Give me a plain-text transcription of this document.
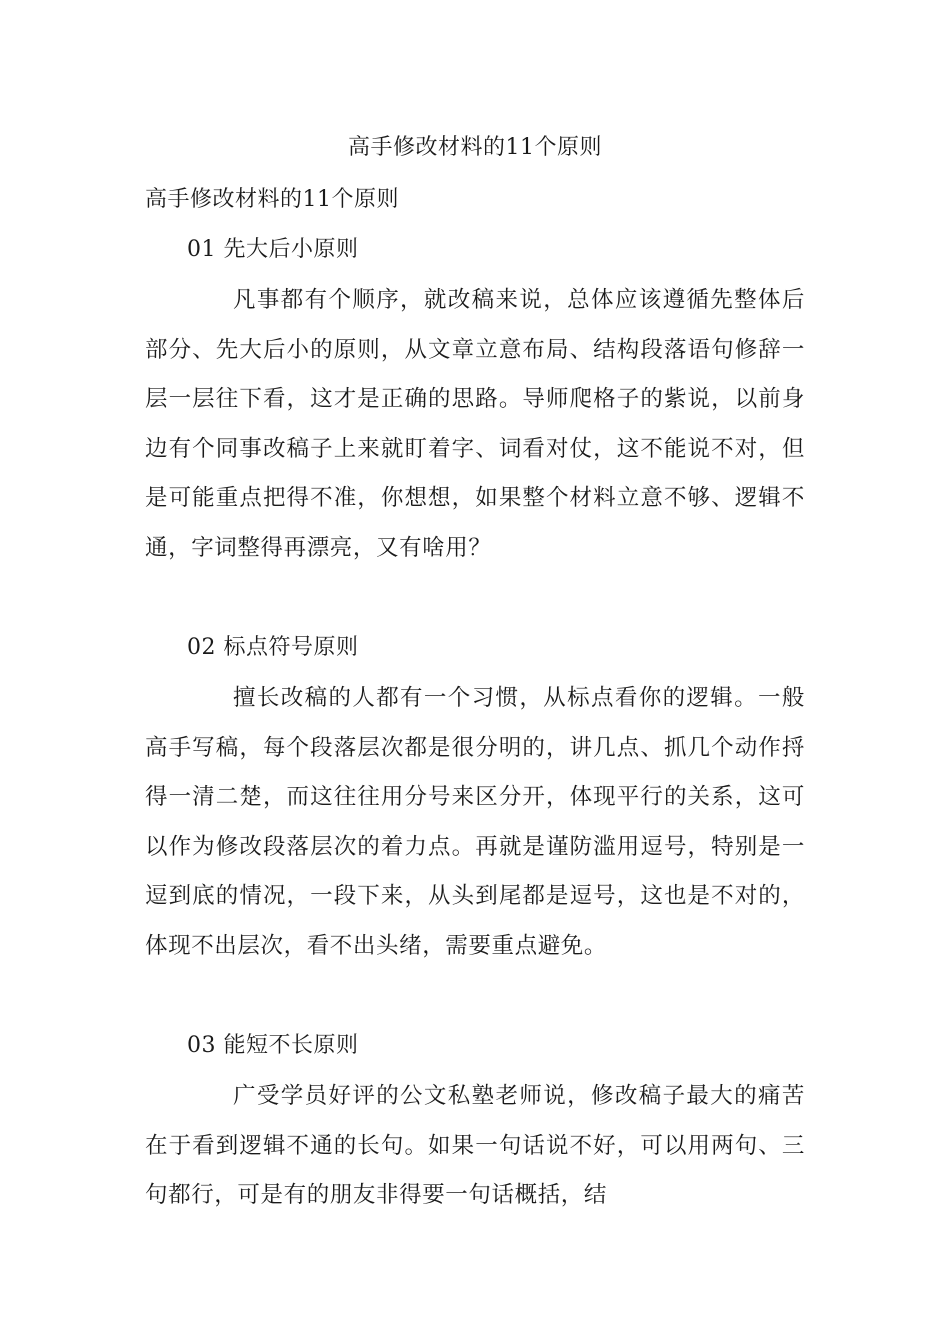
高手修改材料的11个原则
高手修改材料的11个原则
01 先大后小原则
凡事都有个顺序，就改稿来说，总体应该遵循先整体后部分、先大后小的原则，从文章立意布局、结构段落语句修辞一层一层往下看，这才是正确的思路。导师爬格子的紫说，以前身边有个同事改稿子上来就盯着字、词看对仗，这不能说不对，但是可能重点把得不准，你想想，如果整个材料立意不够、逻辑不通，字词整得再漂亮，又有啥用？
02 标点符号原则
擅长改稿的人都有一个习惯，从标点看你的逻辑。一般高手写稿，每个段落层次都是很分明的，讲几点、抓几个动作捋得一清二楚，而这往往用分号来区分开，体现平行的关系，这可以作为修改段落层次的着力点。再就是谨防滥用逗号，特别是一逗到底的情况，一段下来，从头到尾都是逗号，这也是不对的，体现不出层次，看不出头绪，需要重点避免。
03 能短不长原则
广受学员好评的公文私塾老师说，修改稿子最大的痛苦在于看到逻辑不通的长句。如果一句话说不好，可以用两句、三句都行，可是有的朋友非得要一句话概括，结
